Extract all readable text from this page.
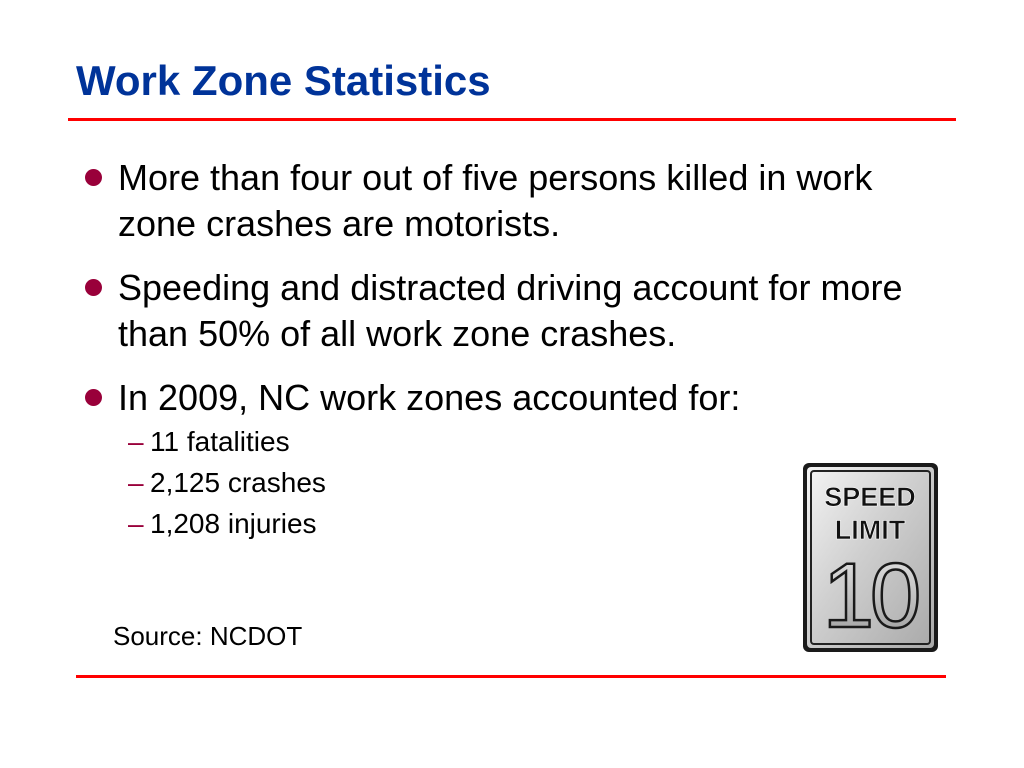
Work Zone Statistics
More than four out of five persons killed in work zone crashes are motorists.
Speeding and distracted driving account for more than 50% of all work zone crashes.
In 2009, NC work zones accounted for:
– 11 fatalities
– 2,125 crashes
– 1,208 injuries
Source: NCDOT
SPEED
LIMIT
10
